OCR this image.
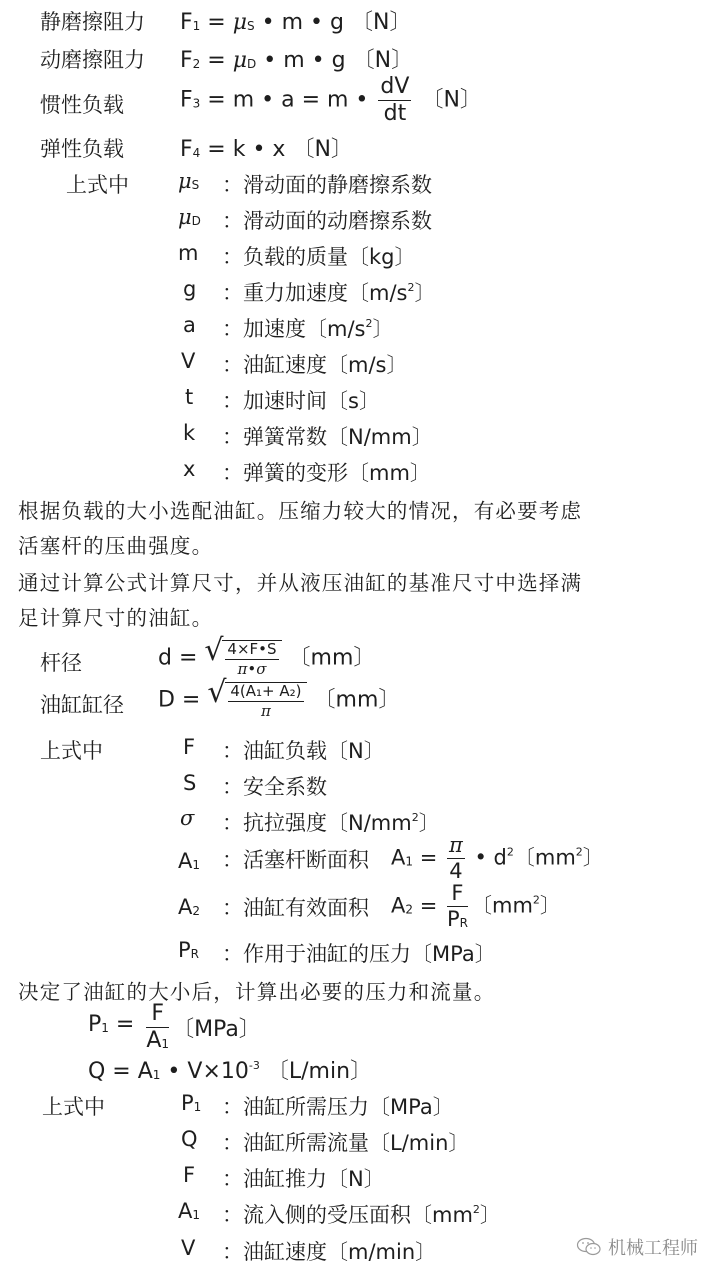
静磨擦阻力 F1 = μS • m • g 〔N〕
动磨擦阻力 F2 = μD • m • g 〔N〕
惯性负载	F3 = m • a = m • $\frac{dV}{dt}$ 〔N〕
弹性负载	F4 = k • x 〔N〕
上式中 μS	：滑动面的静磨擦系数
μD	：滑动面的动磨擦系数
m	：负载的质量〔kg〕
g	：重力加速度〔$m/s^2$〕
a	：加速度〔$m/s^2$〕
V	：油缸速度〔m/s〕
t	：加速时间〔s〕
k	：弹簧常数〔N/mm〕
x	：弹簧的变形〔mm〕
根据负载的大小选配油缸。压缩力较大的情况，有必要考虑
活塞杆的压曲强度。
通过计算公式计算尺寸，并从液压油缸的基准尺寸中选择满
足计算尺寸的油缸。
杆径	d = √ $\frac{4\times F•S}{\pi•\sigma}$ 〔mm〕
油缸缸径 D = √ $\frac{\text{4(A₁+ A₂)}}{\pi}$ 〔mm〕
上式中	F	：油缸负载〔N〕
S	：安全系数
σ	：抗拉强度〔$N/mm^2$〕
A1	：活塞杆断面积 $A1 = \frac{\pi}{4}$ • $d^2$〔$mm^2$〕
A2	：油缸有效面积 $A2 = \frac{F}{PR}$ 〔$mm^2$〕
PR	：作用于油缸的压力〔MPa〕
决定了油缸的大小后，计算出必要的压力和流量。
$P1 = \frac{F}{A1}$ 〔MPa〕
Q = A1 • $V\times 10^{-3}$ 〔L/min〕
上式中	P1 ：油缸所需压力〔MPa〕
Q	：油缸所需流量〔L/min〕
F	：油缸推力〔N〕
A1	：流入侧的受压面积〔$mm^2$〕
V	：油缸速度〔m/min〕	机械工程师
